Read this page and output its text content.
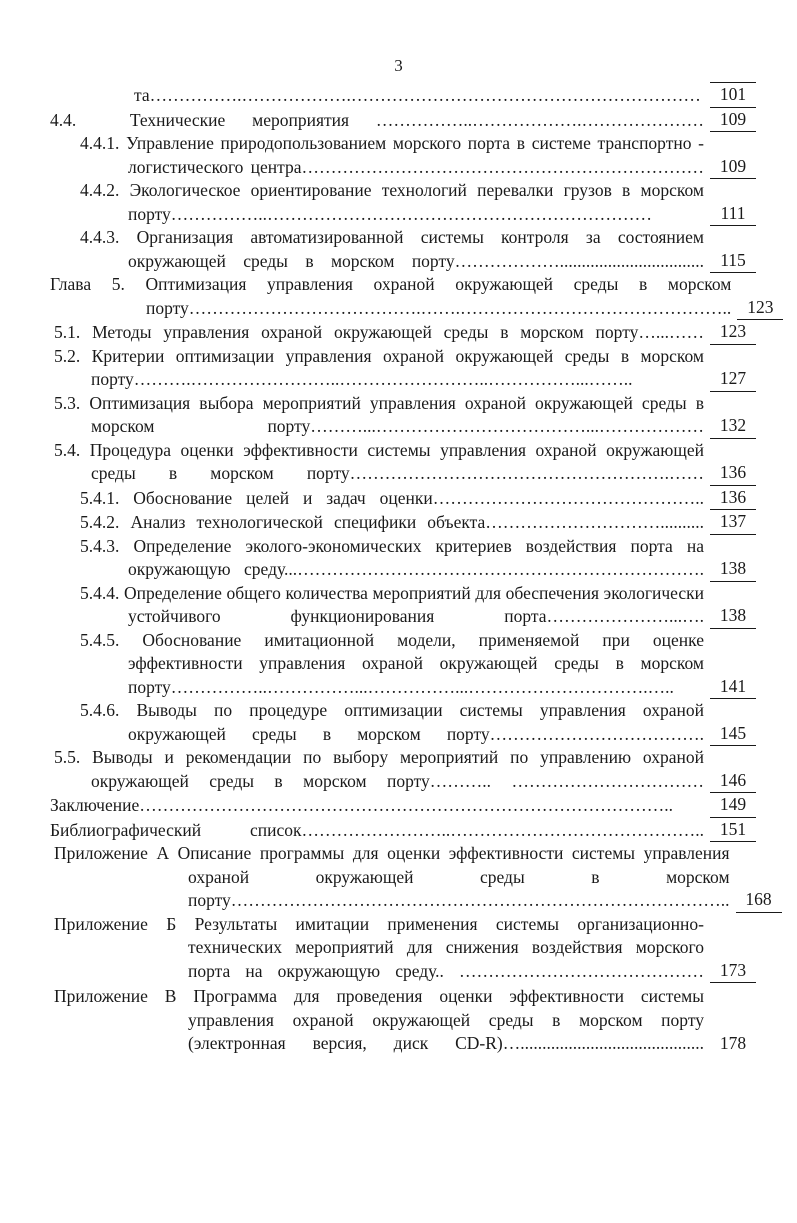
3
та…………….……………….……………………………………………………	101
4.4.  Технические мероприятия ……………..……………….………………… 109
4.4.1. Управление природопользованием морского порта в системе транспортно - логистического центра…………………………………………………………… 109
4.4.2. Экологическое ориентирование технологий перевалки грузов в морском порту……………..…………………………………………………………	111
4.4.3. Организация автоматизированной системы контроля за состоянием окружающей среды в морском порту………………................................. 115
Глава 5. Оптимизация управления охраной окружающей среды в морском порту………………………………….…….……………………………………….. 123
5.1. Методы управления охраной окружающей среды в морском порту…...…… 123
5.2. Критерии оптимизации управления охраной окружающей среды в морском порту……….……………………..……………………..……………...……..	127
5.3. Оптимизация выбора мероприятий управления охраной окружающей среды в морском порту………...………………………………...……………… 132
5.4. Процедура оценки эффективности системы управления охраной окружающей среды в морском порту……………………………………………….…… 136
5.4.1. Обоснование целей и задач оценки……………………………………….. 136
5.4.2. Анализ технологической специфики объекта………………………….......... 137
5.4.3. Определение эколого-экономических критериев воздействия порта на окружающую среду...……………………………………………………………. 138
5.4.4. Определение общего количества мероприятий для обеспечения экологически устойчивого функционирования порта…………………...…. 138
5.4.5. Обоснование имитационной модели, применяемой при оценке эффективности управления охраной окружающей среды в морском порту……………..……………...……………...………………………….…..	141
5.4.6. Выводы по процедуре оптимизации системы управления охраной окружающей среды в морском порту………………………………. 145
5.5. Выводы и рекомендации по выбору мероприятий по управлению охраной окружающей среды в морском порту……….. …………………………… 146
Заключение………………………………………………………………………………..	149
Библиографический список……………………..…………………………………….. 151
Приложение А Описание программы для оценки эффективности системы управления охраной окружающей среды в морском порту………………………………………………………………………….. 168
Приложение Б Результаты имитации применения системы организационно-технических мероприятий для снижения воздействия морского порта на окружающую среду.. …………………………………… 173
Приложение В Программа для проведения оценки эффективности системы управления охраной окружающей среды в морском порту (электронная версия, диск CD-R)….......................................... 178
